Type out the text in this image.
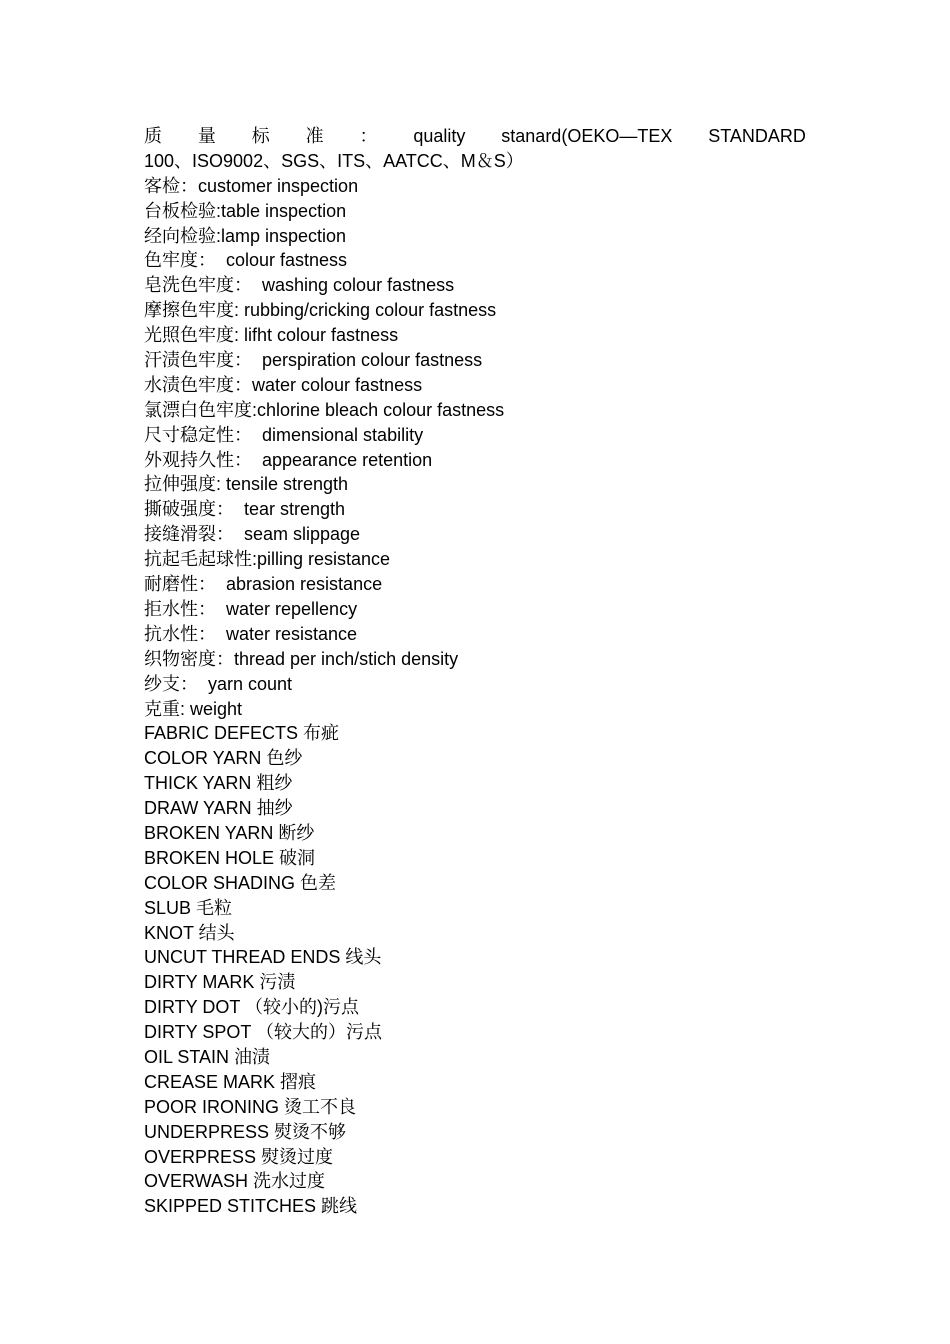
质 量 标 准 ： quality stanard(OEKO—TEX STANDARD
100、ISO9002、SGS、ITS、AATCC、M＆S）
客检：customer inspection
台板检验:table inspection
经向检验:lamp inspection
色牢度：  colour fastness
皂洗色牢度：  washing colour fastness
摩擦色牢度: rubbing/cricking colour fastness
光照色牢度: lifht colour fastness
汗渍色牢度：  perspiration colour fastness
水渍色牢度：water colour fastness
氯漂白色牢度:chlorine bleach colour fastness
尺寸稳定性：  dimensional stability
外观持久性：  appearance retention
拉伸强度: tensile strength
撕破强度：  tear strength
接缝滑裂：  seam slippage
抗起毛起球性:pilling resistance
耐磨性：  abrasion resistance
拒水性：  water repellency
抗水性：  water resistance
织物密度：thread per inch/stich density
纱支：  yarn count
克重: weight
FABRIC DEFECTS 布疵
COLOR YARN 色纱
THICK YARN 粗纱
DRAW YARN 抽纱
BROKEN YARN 断纱
BROKEN HOLE 破洞
COLOR SHADING 色差
SLUB 毛粒
KNOT 结头
UNCUT THREAD ENDS 线头
DIRTY MARK 污渍
DIRTY DOT （较小的)污点
DIRTY SPOT （较大的）污点
OIL STAIN 油渍
CREASE MARK 摺痕
POOR IRONING 烫工不良
UNDERPRESS 熨烫不够
OVERPRESS 熨烫过度
OVERWASH 洗水过度
SKIPPED STITCHES 跳线
